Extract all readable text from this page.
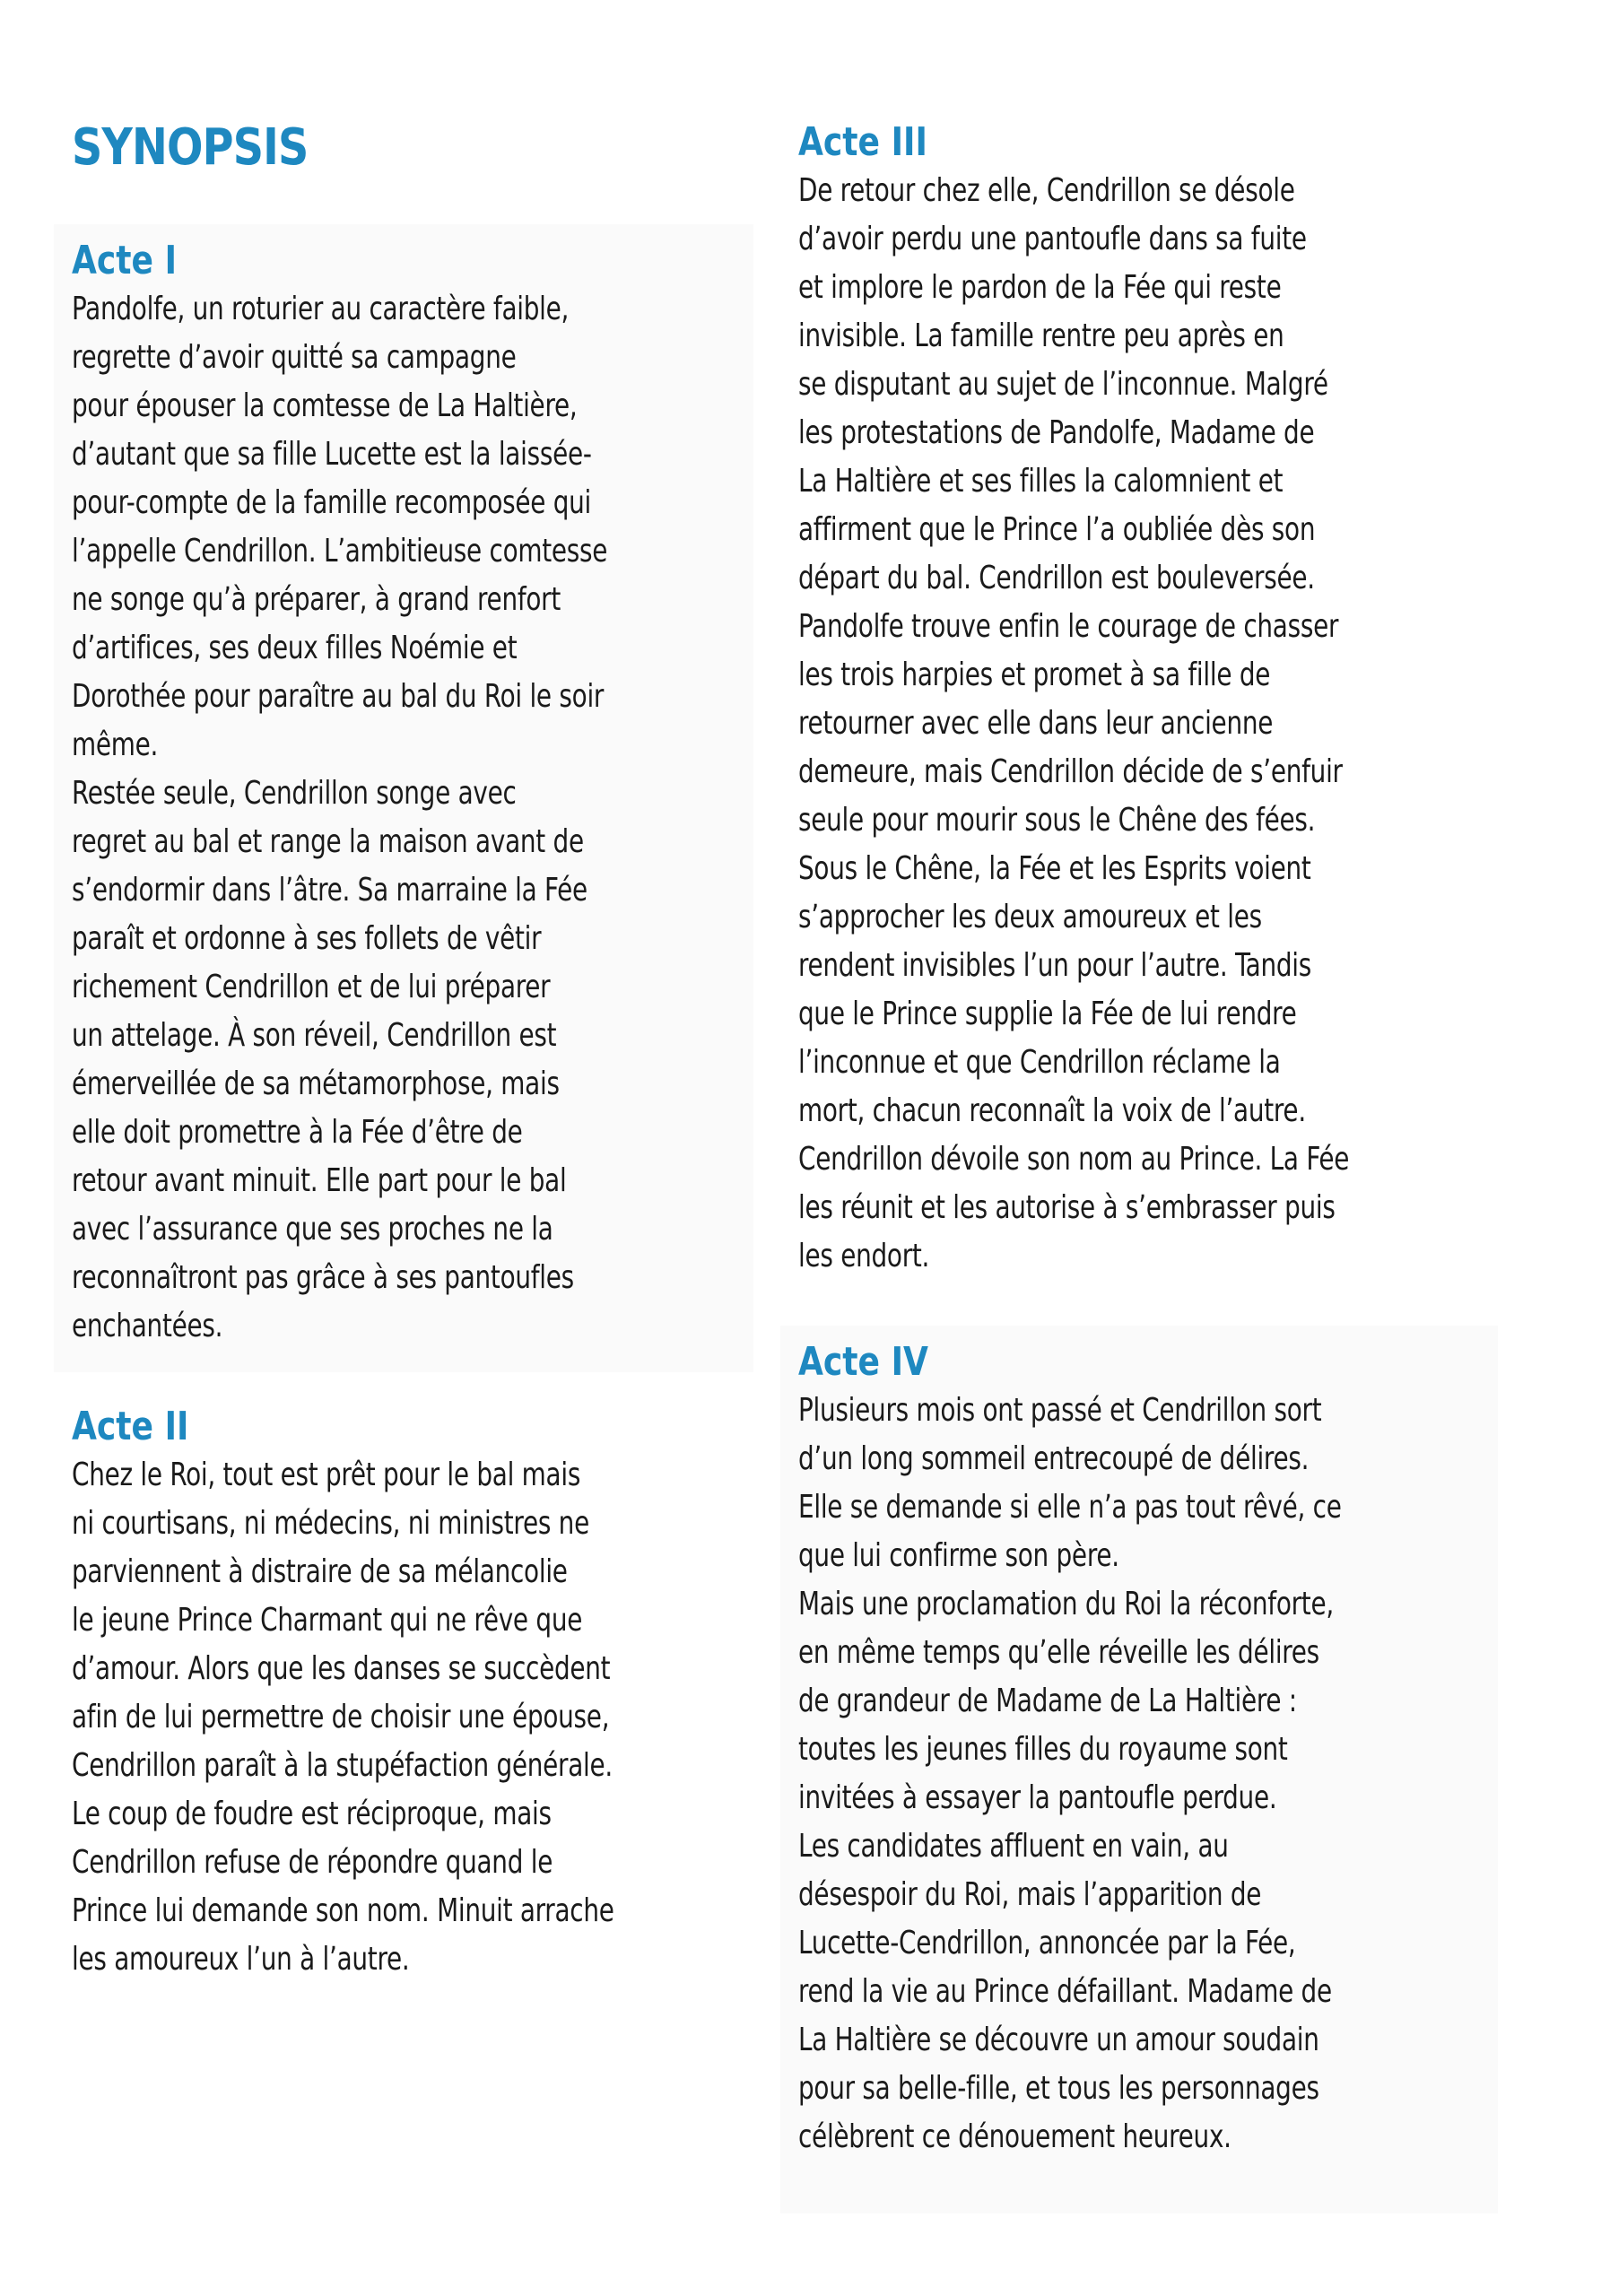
SYNOPSIS
Acte I

Pandolfe, un roturier au caractère faible,
regrette d’avoir quitté sa campagne
pour épouser la comtesse de La Haltière,
d’autant que sa fille Lucette est la laissée-
pour-compte de la famille recomposée qui
l’appelle Cendrillon. L’ambitieuse comtesse
ne songe qu’à préparer, à grand renfort
d’artifices, ses deux filles Noémie et
Dorothée pour paraître au bal du Roi le soir
même.
Restée seule, Cendrillon songe avec
regret au bal et range la maison avant de
s’endormir dans l’âtre. Sa marraine la Fée
paraît et ordonne à ses follets de vêtir
richement Cendrillon et de lui préparer
un attelage. À son réveil, Cendrillon est
émerveillée de sa métamorphose, mais
elle doit promettre à la Fée d’être de
retour avant minuit. Elle part pour le bal
avec l’assurance que ses proches ne la
reconnaîtront pas grâce à ses pantoufles
enchantées.

Acte II

Chez le Roi, tout est prêt pour le bal mais
ni courtisans, ni médecins, ni ministres ne
parviennent à distraire de sa mélancolie
le jeune Prince Charmant qui ne rêve que
d’amour. Alors que les danses se succèdent
afin de lui permettre de choisir une épouse,
Cendrillon paraît à la stupéfaction générale.
Le coup de foudre est réciproque, mais
Cendrillon refuse de répondre quand le
Prince lui demande son nom. Minuit arrache
les amoureux l’un à l’autre.

Acte III

De retour chez elle, Cendrillon se désole
d’avoir perdu une pantoufle dans sa fuite
et implore le pardon de la Fée qui reste
invisible. La famille rentre peu après en
se disputant au sujet de l’inconnue. Malgré
les protestations de Pandolfe, Madame de
La Haltière et ses filles la calomnient et
affirment que le Prince l’a oubliée dès son
départ du bal. Cendrillon est bouleversée.
Pandolfe trouve enfin le courage de chasser
les trois harpies et promet à sa fille de
retourner avec elle dans leur ancienne
demeure, mais Cendrillon décide de s’enfuir
seule pour mourir sous le Chêne des fées.
Sous le Chêne, la Fée et les Esprits voient
s’approcher les deux amoureux et les
rendent invisibles l’un pour l’autre. Tandis
que le Prince supplie la Fée de lui rendre
l’inconnue et que Cendrillon réclame la
mort, chacun reconnaît la voix de l’autre.
Cendrillon dévoile son nom au Prince. La Fée
les réunit et les autorise à s’embrasser puis
les endort.

Acte IV

Plusieurs mois ont passé et Cendrillon sort
d’un long sommeil entrecoupé de délires.
Elle se demande si elle n’a pas tout rêvé, ce
que lui confirme son père.
Mais une proclamation du Roi la réconforte,
en même temps qu’elle réveille les délires
de grandeur de Madame de La Haltière :
toutes les jeunes filles du royaume sont
invitées à essayer la pantoufle perdue.
Les candidates affluent en vain, au
désespoir du Roi, mais l’apparition de
Lucette-Cendrillon, annoncée par la Fée,
rend la vie au Prince défaillant. Madame de
La Haltière se découvre un amour soudain
pour sa belle-fille, et tous les personnages
célèbrent ce dénouement heureux.
